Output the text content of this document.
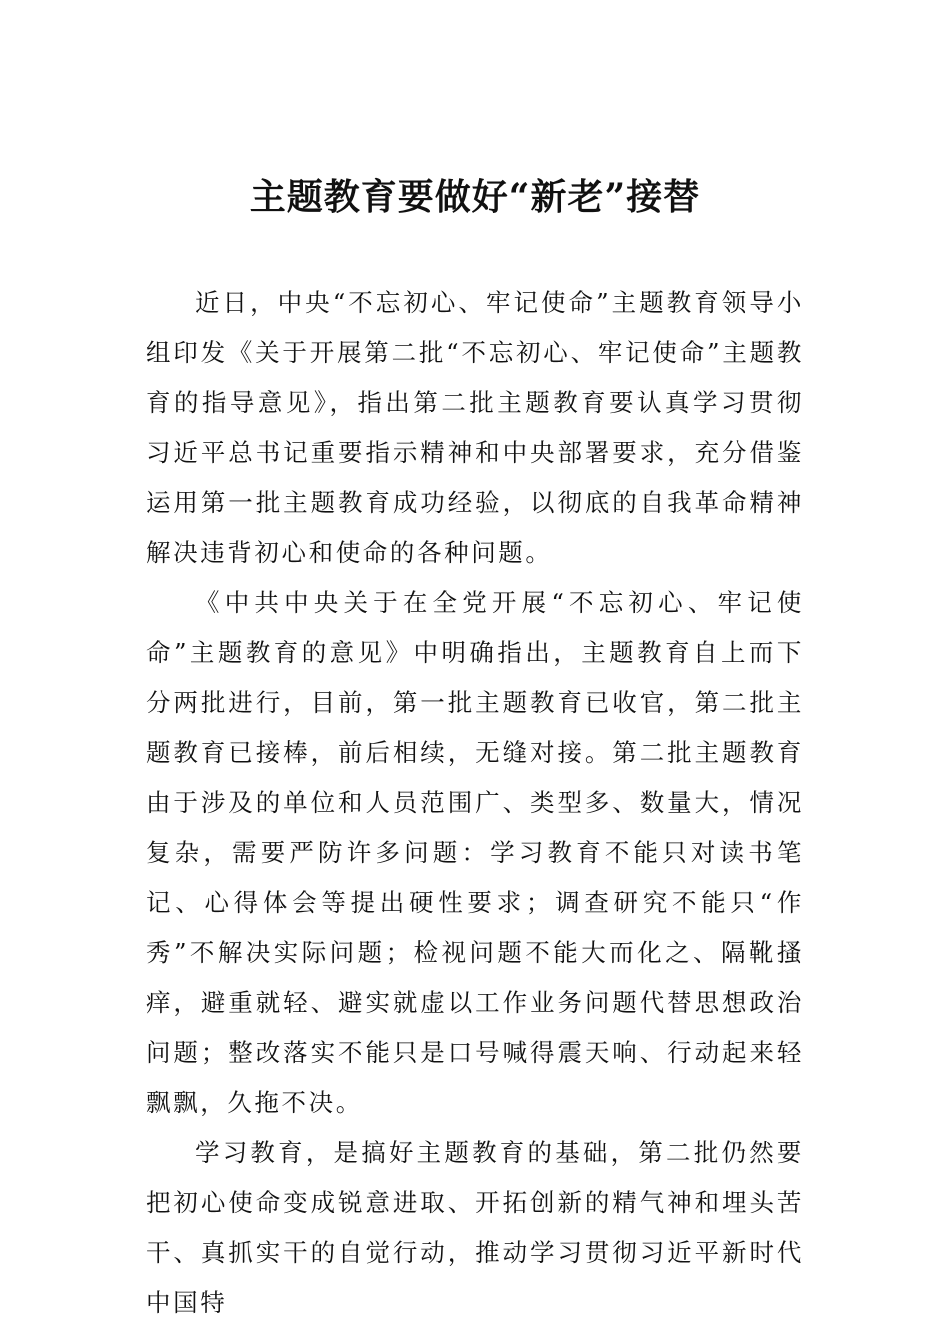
主题教育要做好“新老”接替

近日，中央“不忘初心、牢记使命”主题教育领导小组印发《关于开展第二批“不忘初心、牢记使命”主题教育的指导意见》，指出第二批主题教育要认真学习贯彻习近平总书记重要指示精神和中央部署要求，充分借鉴运用第一批主题教育成功经验，以彻底的自我革命精神解决违背初心和使命的各种问题。

《中共中央关于在全党开展“不忘初心、牢记使命”主题教育的意见》中明确指出，主题教育自上而下分两批进行，目前，第一批主题教育已收官，第二批主题教育已接棒，前后相续，无缝对接。第二批主题教育由于涉及的单位和人员范围广、类型多、数量大，情况复杂，需要严防许多问题：学习教育不能只对读书笔记、心得体会等提出硬性要求；调查研究不能只“作秀”不解决实际问题；检视问题不能大而化之、隔靴搔痒，避重就轻、避实就虚以工作业务问题代替思想政治问题；整改落实不能只是口号喊得震天响、行动起来轻飘飘，久拖不决。

学习教育，是搞好主题教育的基础，第二批仍然要把初心使命变成锐意进取、开拓创新的精气神和埋头苦干、真抓实干的自觉行动，推动学习贯彻习近平新时代中国特
